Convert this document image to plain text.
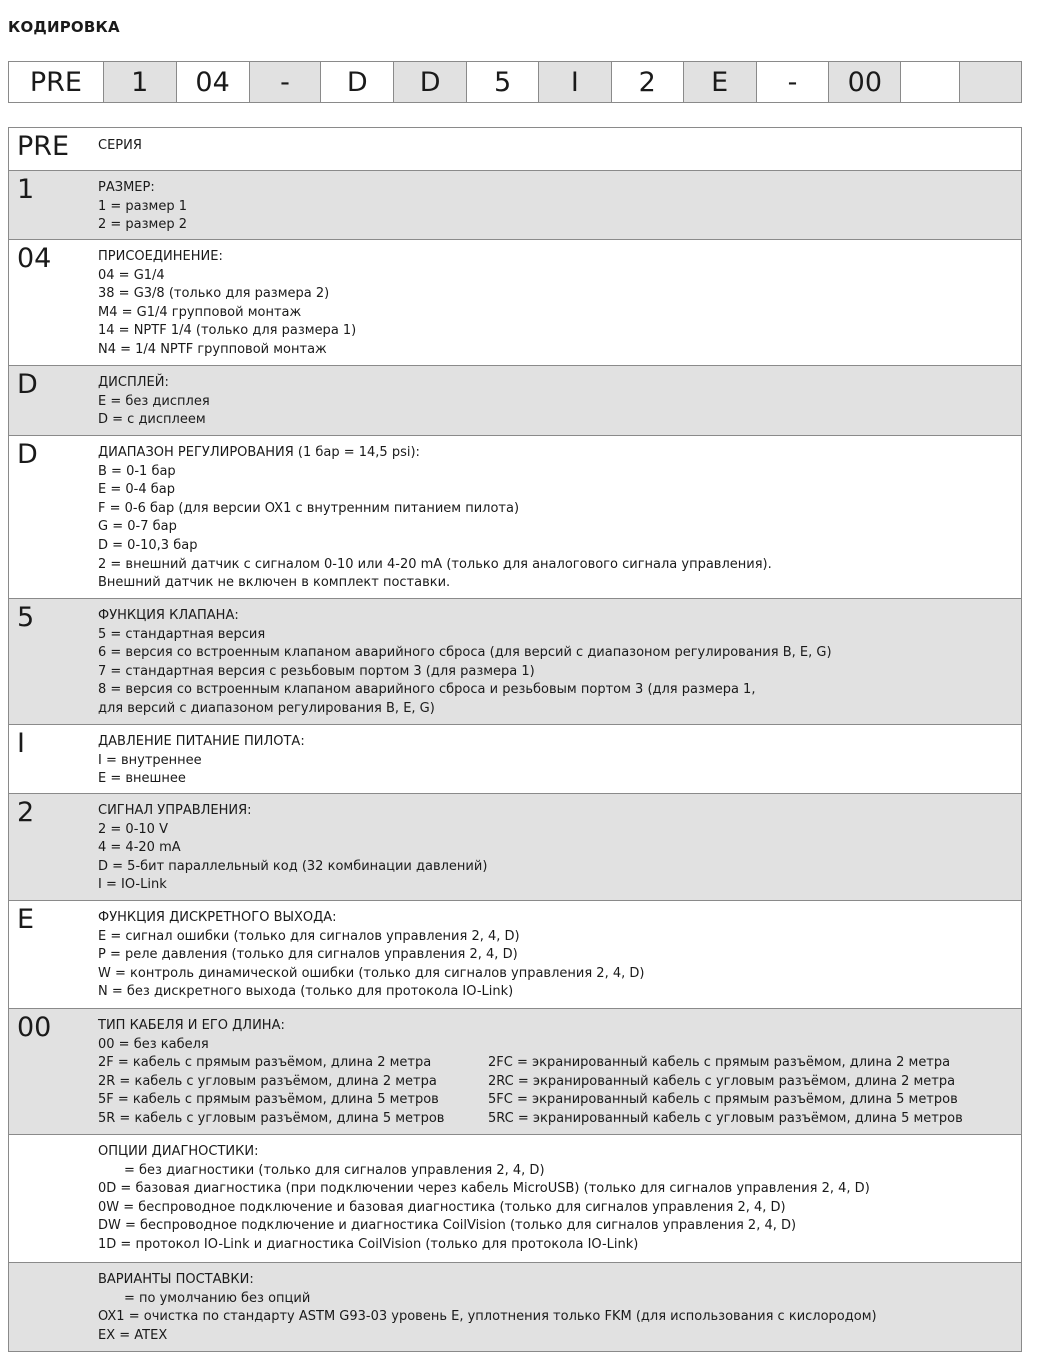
КОДИРОВКА
PRE	1	04	-	D	D	5	I	2	E	-	00
PRE	СЕРИЯ
1	РАЗМЕР:
1 = размер 1
2 = размер 2
04	ПРИСОЕДИНЕНИЕ:
04 = G1/4
38 = G3/8 (только для размера 2)
M4 = G1/4 групповой монтаж
14 = NPTF 1/4 (только для размера 1)
N4 = 1/4 NPTF групповой монтаж
D	ДИСПЛЕЙ:
E = без дисплея
D = с дисплеем
D	ДИАПАЗОН РЕГУЛИРОВАНИЯ (1 бар = 14,5 psi):
B = 0-1 бар
E = 0-4 бар
F = 0-6 бар (для версии OX1 с внутренним питанием пилота)
G = 0-7 бар
D = 0-10,3 бар
2 = внешний датчик с сигналом 0-10 или 4-20 mA (только для аналогового сигнала управления).
Внешний датчик не включен в комплект поставки.
5	ФУНКЦИЯ КЛАПАНА:
5 = стандартная версия
6 = версия со встроенным клапаном аварийного сброса (для версий с диапазоном регулирования B, E, G)
7 = стандартная версия с резьбовым портом 3 (для размера 1)
8 = версия со встроенным клапаном аварийного сброса и резьбовым портом 3 (для размера 1,
для версий с диапазоном регулирования B, E, G)
I	ДАВЛЕНИЕ ПИТАНИЕ ПИЛОТА:
I = внутреннее
E = внешнее
2	СИГНАЛ УПРАВЛЕНИЯ:
2 = 0-10 V
4 = 4-20 mA
D = 5-бит параллельный код (32 комбинации давлений)
I = IO-Link
E	ФУНКЦИЯ ДИСКРЕТНОГО ВЫХОДА:
E = сигнал ошибки (только для сигналов управления 2, 4, D)
P = реле давления (только для сигналов управления 2, 4, D)
W = контроль динамической ошибки (только для сигналов управления 2, 4, D)
N = без дискретного выхода (только для протокола IO-Link)
00	ТИП КАБЕЛЯ И ЕГО ДЛИНА:
00 = без кабеля
2F = кабель с прямым разъёмом, длина 2 метра	2FC = экранированный кабель с прямым разъёмом, длина 2 метра
2R = кабель с угловым разъёмом, длина 2 метра	2RC = экранированный кабель с угловым разъёмом, длина 2 метра
5F = кабель с прямым разъёмом, длина 5 метров	5FC = экранированный кабель с прямым разъёмом, длина 5 метров
5R = кабель с угловым разъёмом, длина 5 метров	5RC = экранированный кабель с угловым разъёмом, длина 5 метров
ОПЦИИ ДИАГНОСТИКИ:
= без диагностики (только для сигналов управления 2, 4, D)
0D = базовая диагностика (при подключении через кабель MicroUSB) (только для сигналов управления 2, 4, D)
0W = беспроводное подключение и базовая диагностика (только для сигналов управления 2, 4, D)
DW = беспроводное подключение и диагностика CoilVision (только для сигналов управления 2, 4, D)
1D = протокол IO-Link и диагностика CoilVision (только для протокола IO-Link)
ВАРИАНТЫ ПОСТАВКИ:
= по умолчанию без опций
OX1 = очистка по стандарту ASTM G93-03 уровень E, уплотнения только FKM (для использования с кислородом)
EX = ATEX
